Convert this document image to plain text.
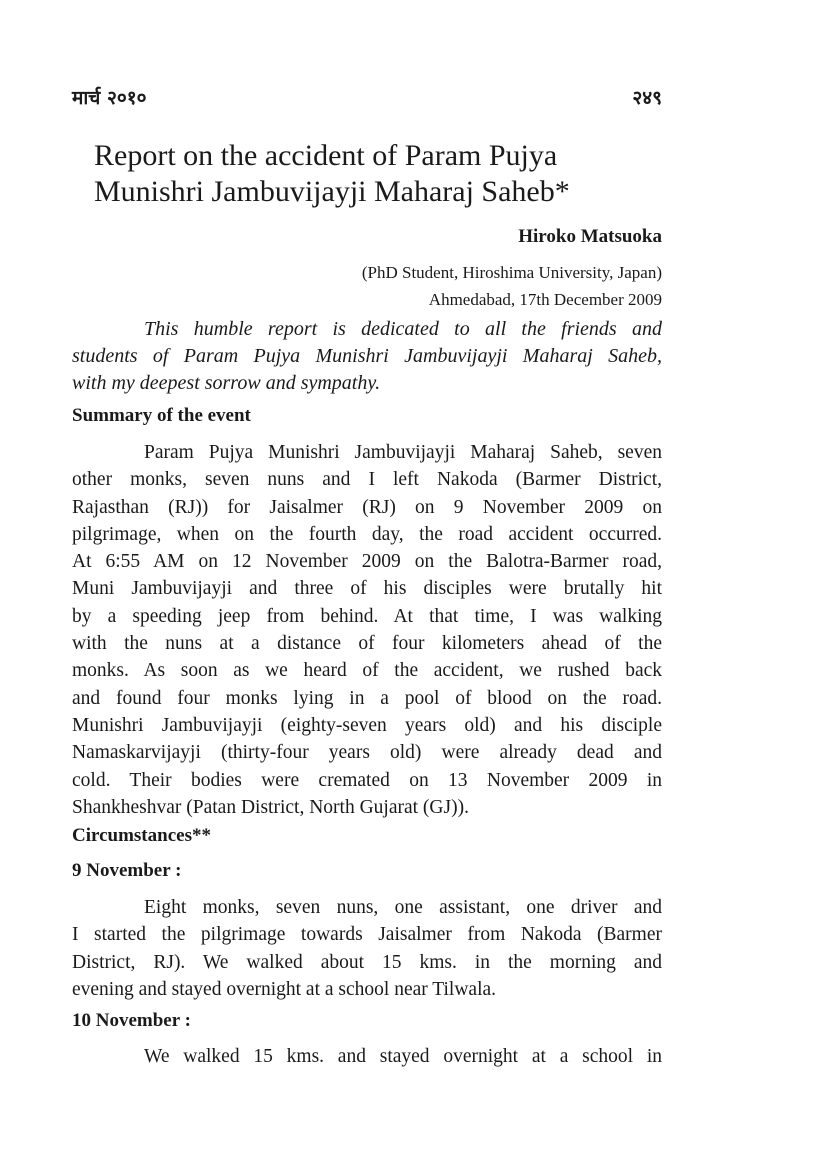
मार्च २०१०	२४९
Report on the accident of Param Pujya
Munishri Jambuvijayji Maharaj Saheb*
Hiroko Matsuoka
(PhD Student, Hiroshima University, Japan)
Ahmedabad, 17th December 2009
This humble report is dedicated to all the friends and
students of Param Pujya Munishri Jambuvijayji Maharaj Saheb,
with my deepest sorrow and sympathy.
Summary of the event
Param Pujya Munishri Jambuvijayji Maharaj Saheb, seven
other monks, seven nuns and I left Nakoda (Barmer District,
Rajasthan (RJ)) for Jaisalmer (RJ) on 9 November 2009 on
pilgrimage, when on the fourth day, the road accident occurred.
At 6:55 AM on 12 November 2009 on the Balotra-Barmer road,
Muni Jambuvijayji and three of his disciples were brutally hit
by a speeding jeep from behind. At that time, I was walking
with the nuns at a distance of four kilometers ahead of the
monks. As soon as we heard of the accident, we rushed back
and found four monks lying in a pool of blood on the road.
Munishri Jambuvijayji (eighty-seven years old) and his disciple
Namaskarvijayji (thirty-four years old) were already dead and
cold. Their bodies were cremated on 13 November 2009 in
Shankheshvar (Patan District, North Gujarat (GJ)).
Circumstances**
9 November :
Eight monks, seven nuns, one assistant, one driver and
I started the pilgrimage towards Jaisalmer from Nakoda (Barmer
District, RJ). We walked about 15 kms. in the morning and
evening and stayed overnight at a school near Tilwala.
10 November :
We walked 15 kms. and stayed overnight at a school in
